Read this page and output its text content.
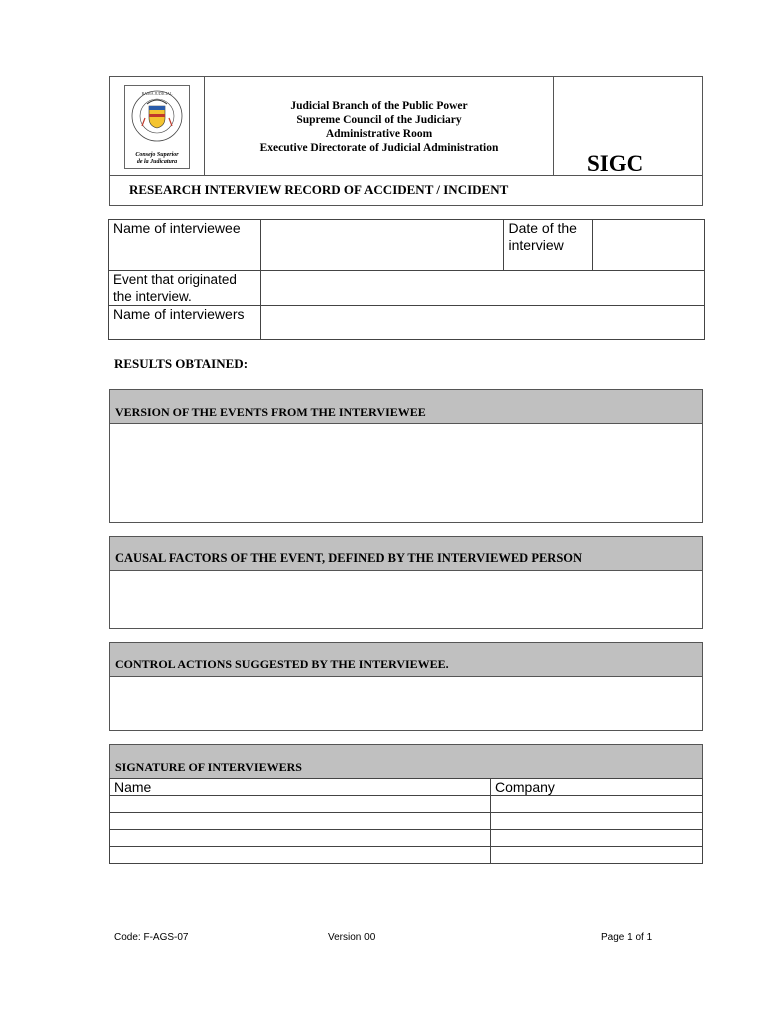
RAMA JUDICIAL
Consejo Superior
de la Judicatura
Judicial Branch of the Public Power
Supreme Council of the Judiciary
Administrative Room
Executive Directorate of Judicial Administration
SIGC
RESEARCH INTERVIEW RECORD OF ACCIDENT / INCIDENT
Name of interviewee		Date of the interview	
Event that originated the interview.			
Name of interviewers			
RESULTS OBTAINED:
VERSION OF THE EVENTS FROM THE INTERVIEWEE
CAUSAL FACTORS OF THE EVENT, DEFINED BY THE INTERVIEWED PERSON
CONTROL ACTIONS SUGGESTED BY THE INTERVIEWEE.
SIGNATURE OF INTERVIEWERS
Name	Company

Code: F-AGS-07	Version 00	Page 1 of 1
